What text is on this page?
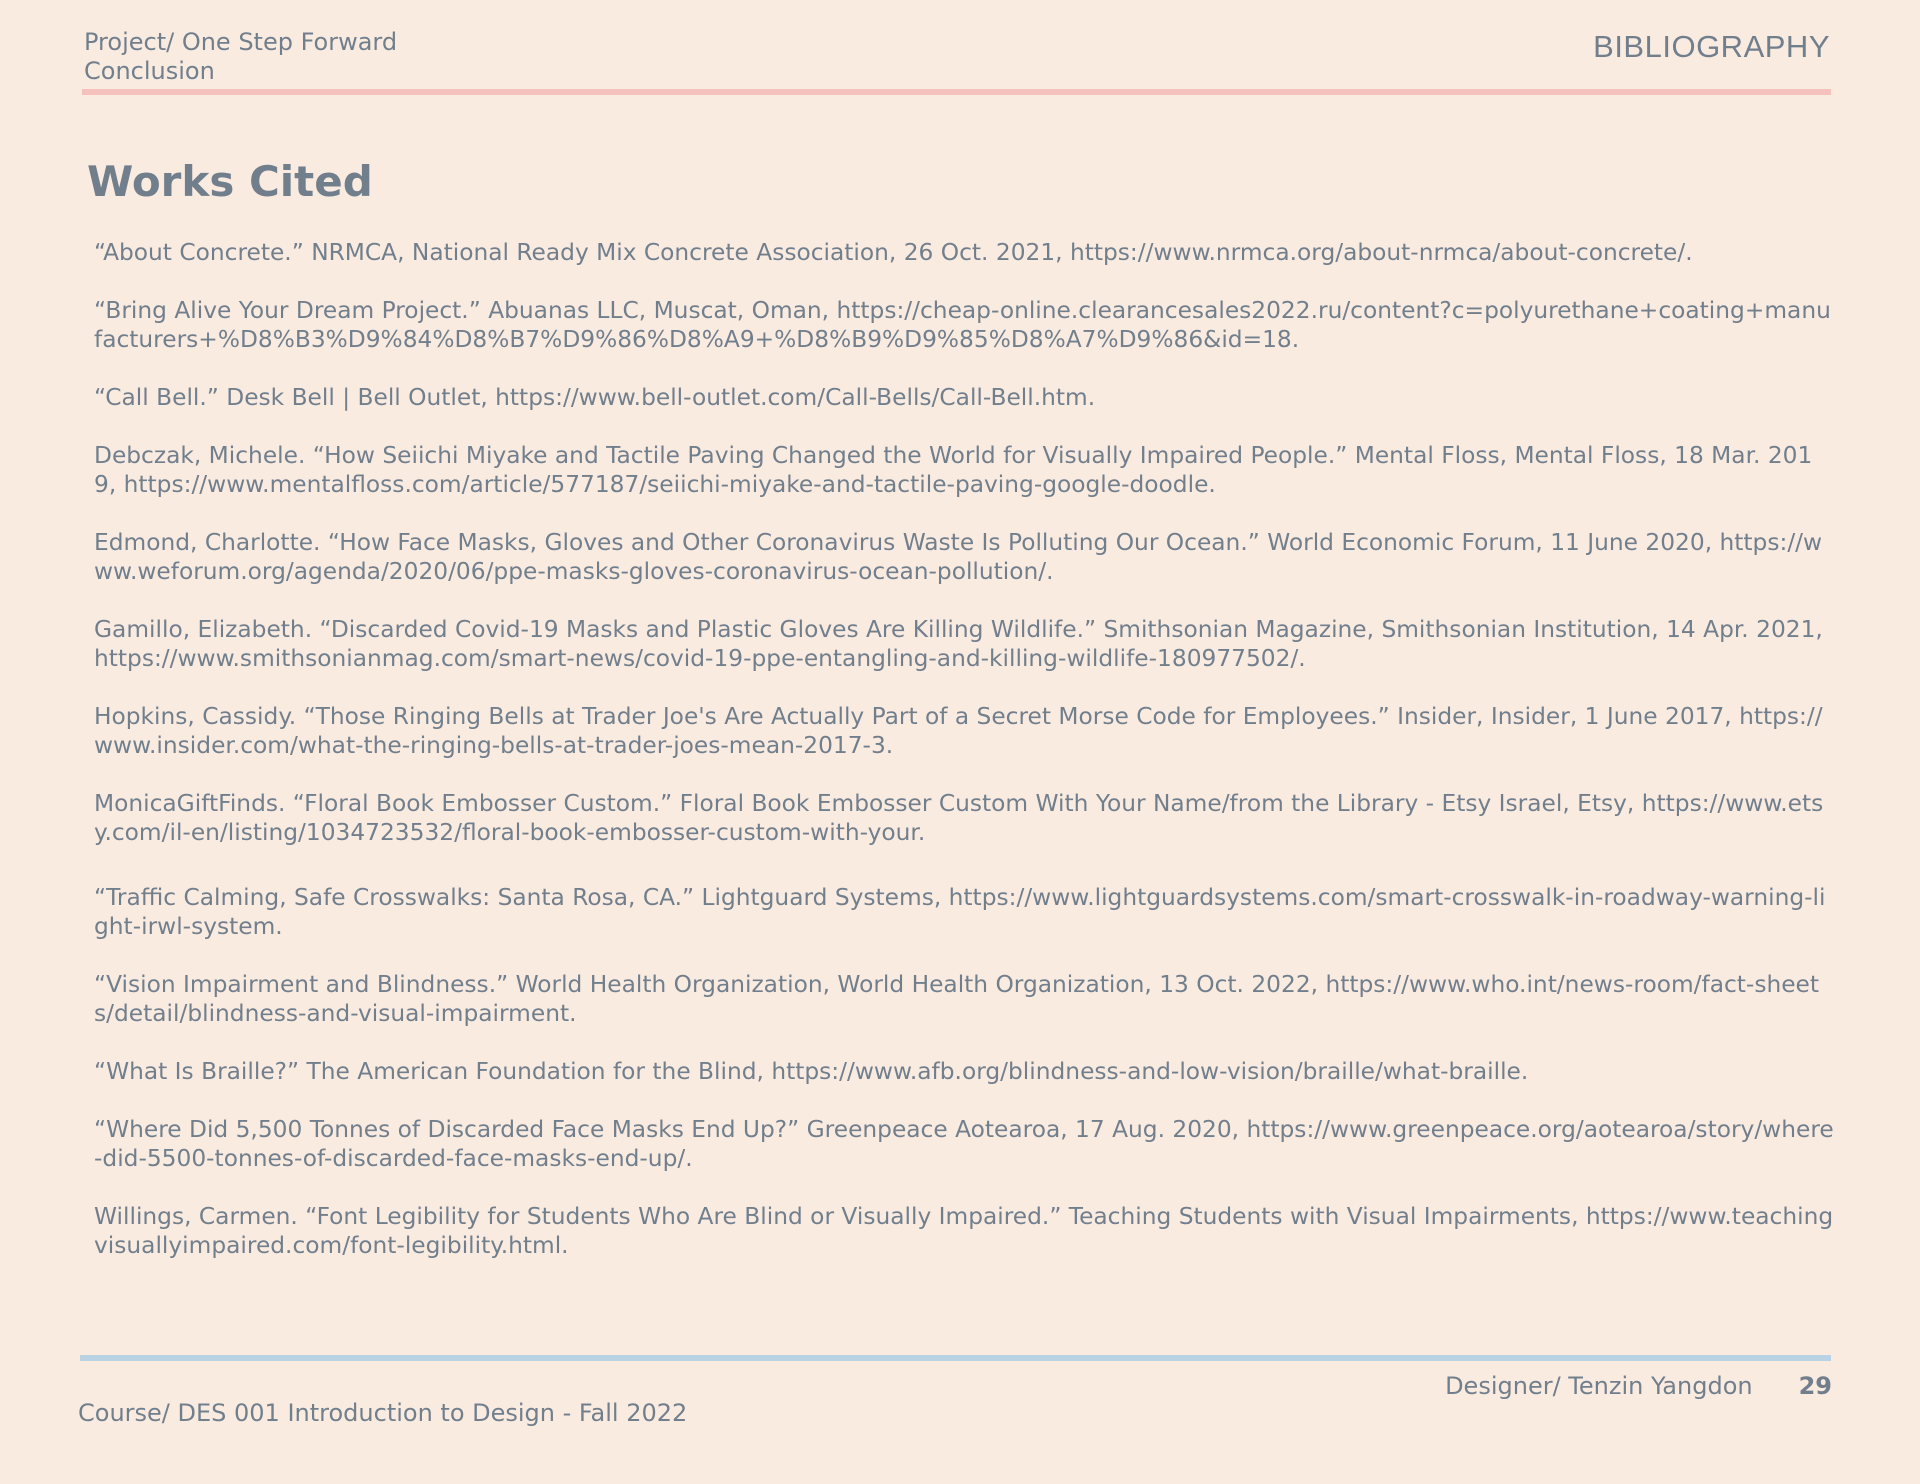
Project/ One Step Forward
Conclusion
BIBLIOGRAPHY
Works Cited

“About Concrete.” NRMCA, National Ready Mix Concrete Association, 26 Oct. 2021, https://www.nrmca.org/about-nrmca/about-concrete/.

“Bring Alive Your Dream Project.” Abuanas LLC, Muscat, Oman, https://cheap-online.clearancesales2022.ru/content?c=polyurethane+coating+manufacturers+%D8%B3%D9%84%D8%B7%D9%86%D8%A9+%D8%B9%D9%85%D8%A7%D9%86&id=18.

“Call Bell.” Desk Bell | Bell Outlet, https://www.bell-outlet.com/Call-Bells/Call-Bell.htm.

Debczak, Michele. “How Seiichi Miyake and Tactile Paving Changed the World for Visually Impaired People.” Mental Floss, Mental Floss, 18 Mar. 2019, https://www.mentalfloss.com/article/577187/seiichi-miyake-and-tactile-paving-google-doodle.

Edmond, Charlotte. “How Face Masks, Gloves and Other Coronavirus Waste Is Polluting Our Ocean.” World Economic Forum, 11 June 2020, https://www.weforum.org/agenda/2020/06/ppe-masks-gloves-coronavirus-ocean-pollution/.

Gamillo, Elizabeth. “Discarded Covid-19 Masks and Plastic Gloves Are Killing Wildlife.” Smithsonian Magazine, Smithsonian Institution, 14 Apr. 2021, https://www.smithsonianmag.com/smart-news/covid-19-ppe-entangling-and-killing-wildlife-180977502/.

Hopkins, Cassidy. “Those Ringing Bells at Trader Joe's Are Actually Part of a Secret Morse Code for Employees.” Insider, Insider, 1 June 2017, https://www.insider.com/what-the-ringing-bells-at-trader-joes-mean-2017-3.

MonicaGiftFinds. “Floral Book Embosser Custom.” Floral Book Embosser Custom With Your Name/from the Library - Etsy Israel, Etsy, https://www.etsy.com/il-en/listing/1034723532/floral-book-embosser-custom-with-your.

“Traffic Calming, Safe Crosswalks: Santa Rosa, CA.” Lightguard Systems, https://www.lightguardsystems.com/smart-crosswalk-in-roadway-warning-light-irwl-system.

“Vision Impairment and Blindness.” World Health Organization, World Health Organization, 13 Oct. 2022, https://www.who.int/news-room/fact-sheets/detail/blindness-and-visual-impairment.

“What Is Braille?” The American Foundation for the Blind, https://www.afb.org/blindness-and-low-vision/braille/what-braille.

“Where Did 5,500 Tonnes of Discarded Face Masks End Up?” Greenpeace Aotearoa, 17 Aug. 2020, https://www.greenpeace.org/aotearoa/story/where-did-5500-tonnes-of-discarded-face-masks-end-up/.

Willings, Carmen. “Font Legibility for Students Who Are Blind or Visually Impaired.” Teaching Students with Visual Impairments, https://www.teachingvisuallyimpaired.com/font-legibility.html.

Designer/ Tenzin Yangdon 29
Course/ DES 001 Introduction to Design - Fall 2022
